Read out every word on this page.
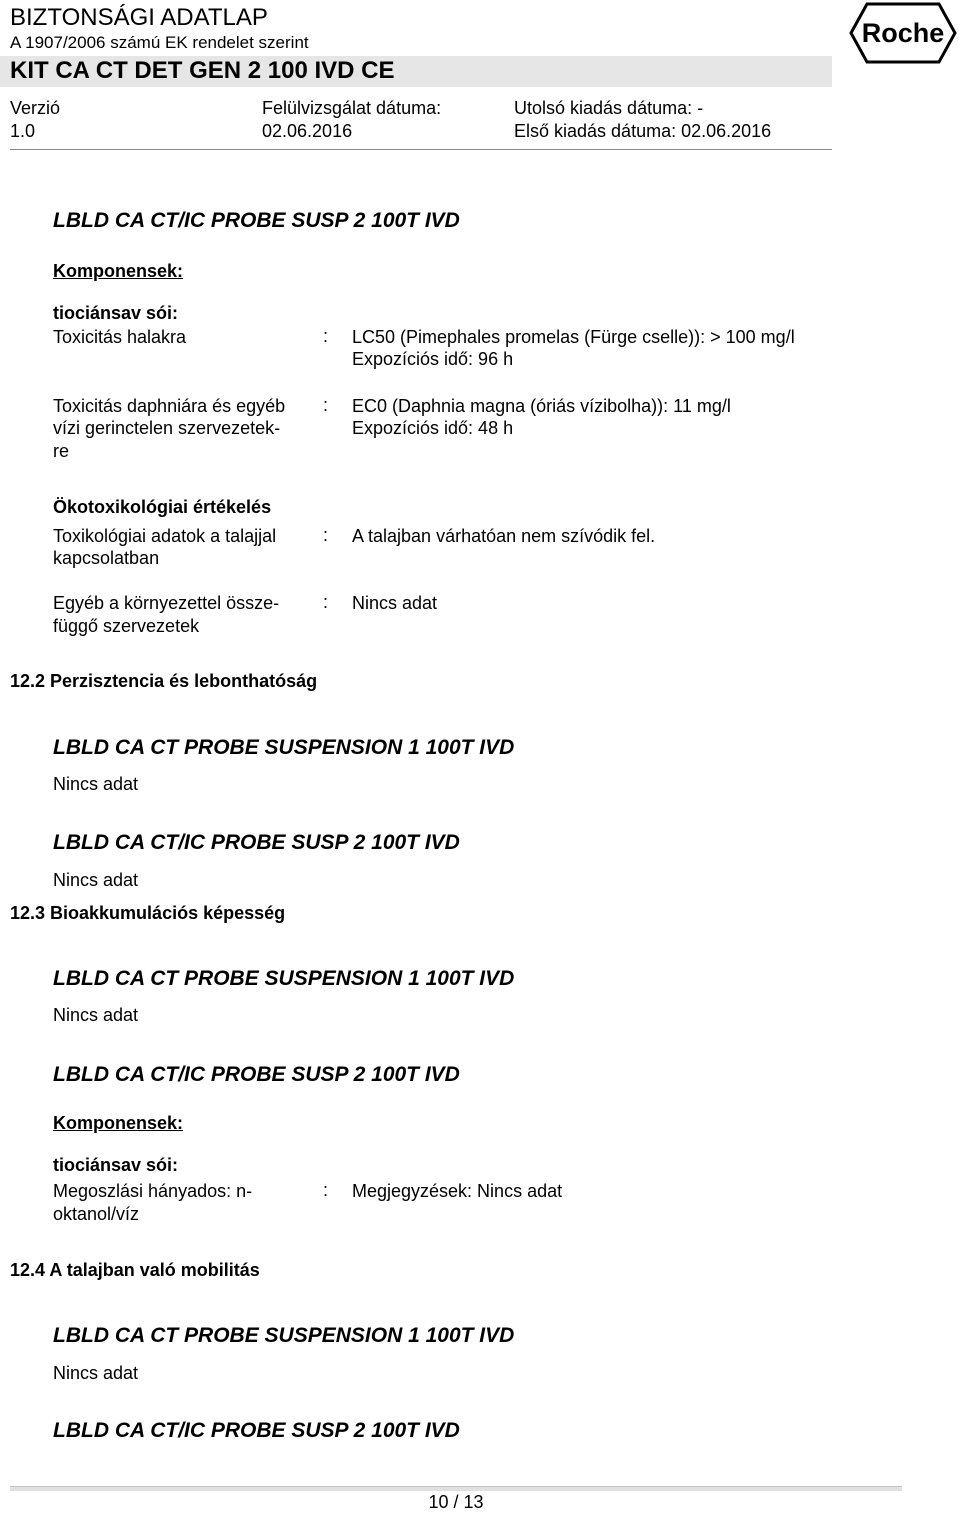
BIZTONSÁGI ADATLAP
A 1907/2006 számú EK rendelet szerint
KIT CA CT DET GEN 2 100 IVD CE
Roche
Verzió
1.0
Felülvizsgálat dátuma:
02.06.2016
Utolsó kiadás dátuma: -
Első kiadás dátuma: 02.06.2016
LBLD CA CT/IC PROBE SUSP 2 100T IVD
Komponensek:
tiociánsav sói:
Toxicitás halakra	: LC50 (Pimephales promelas (Fürge cselle)): > 100 mg/l
Expozíciós idő: 96 h
Toxicitás daphniára és egyéb
vízi gerinctelen szervezetek-
re
: EC0 (Daphnia magna (óriás vízibolha)): 11 mg/l
Expozíciós idő: 48 h
Ökotoxikológiai értékelés
Toxikológiai adatok a talajjal
kapcsolatban
: A talajban várhatóan nem szívódik fel.
Egyéb a környezettel össze-
függő szervezetek
: Nincs adat
12.2 Perzisztencia és lebonthatóság
LBLD CA CT PROBE SUSPENSION 1 100T IVD
Nincs adat
LBLD CA CT/IC PROBE SUSP 2 100T IVD
Nincs adat
12.3 Bioakkumulációs képesség
LBLD CA CT PROBE SUSPENSION 1 100T IVD
Nincs adat
LBLD CA CT/IC PROBE SUSP 2 100T IVD
Komponensek:
tiociánsav sói:
Megoszlási hányados: n-
oktanol/víz
: Megjegyzések: Nincs adat
12.4 A talajban való mobilitás
LBLD CA CT PROBE SUSPENSION 1 100T IVD
Nincs adat
LBLD CA CT/IC PROBE SUSP 2 100T IVD
10 / 13
